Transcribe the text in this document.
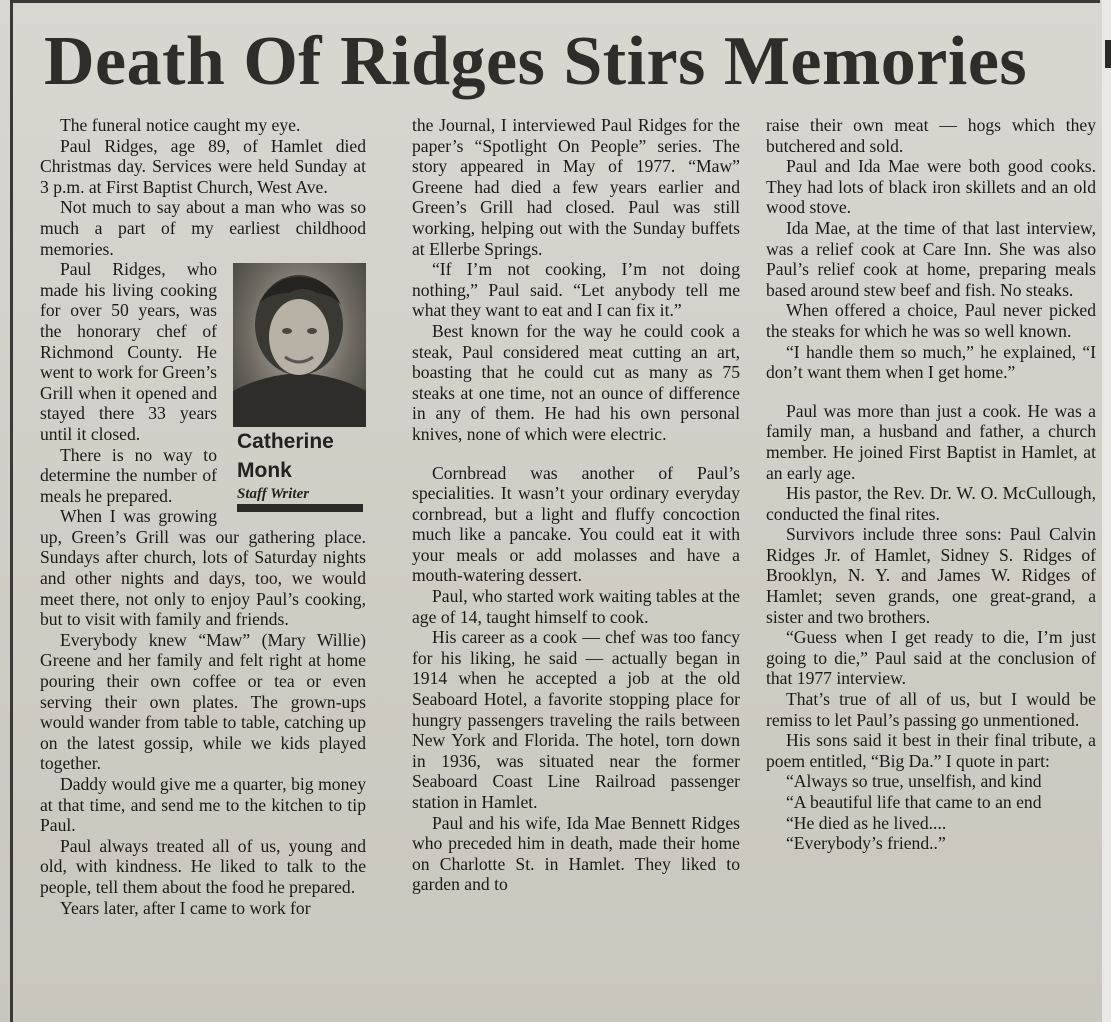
Death Of Ridges Stirs Memories

The funeral notice caught my eye.

Paul Ridges, age 89, of Hamlet died Christmas day. Services were held Sunday at 3 p.m. at First Baptist Church, West Ave.

Not much to say about a man who was so much a part of my earliest childhood memories.

Catherine
Monk
Staff Writer

Paul Ridges, who made his living cooking for over 50 years, was the honorary chef of Richmond County. He went to work for Green’s Grill when it opened and stayed there 33 years until it closed.

There is no way to determine the number of meals he prepared.

When I was growing up, Green’s Grill was our gathering place. Sundays after church, lots of Saturday nights and other nights and days, too, we would meet there, not only to enjoy Paul’s cooking, but to visit with family and friends.

Everybody knew “Maw” (Mary Willie) Greene and her family and felt right at home pouring their own coffee or tea or even serving their own plates. The grown-ups would wander from table to table, catching up on the latest gossip, while we kids played together.

Daddy would give me a quarter, big money at that time, and send me to the kitchen to tip Paul.

Paul always treated all of us, young and old, with kindness. He liked to talk to the people, tell them about the food he prepared.

Years later, after I came to work for

the Journal, I interviewed Paul Ridges for the paper’s “Spotlight On People” series. The story appeared in May of 1977. “Maw” Greene had died a few years earlier and Green’s Grill had closed. Paul was still working, helping out with the Sunday buffets at Ellerbe Springs.

“If I’m not cooking, I’m not doing nothing,” Paul said. “Let anybody tell me what they want to eat and I can fix it.”

Best known for the way he could cook a steak, Paul considered meat cutting an art, boasting that he could cut as many as 75 steaks at one time, not an ounce of difference in any of them. He had his own personal knives, none of which were electric.

Cornbread was another of Paul’s specialities. It wasn’t your ordinary everyday cornbread, but a light and fluffy concoction much like a pancake. You could eat it with your meals or add molasses and have a mouth-watering dessert.

Paul, who started work waiting tables at the age of 14, taught himself to cook.

His career as a cook — chef was too fancy for his liking, he said — actually began in 1914 when he accepted a job at the old Seaboard Hotel, a favorite stopping place for hungry passengers traveling the rails between New York and Florida. The hotel, torn down in 1936, was situated near the former Seaboard Coast Line Railroad passenger station in Hamlet.

Paul and his wife, Ida Mae Bennett Ridges who preceded him in death, made their home on Charlotte St. in Hamlet. They liked to garden and to

raise their own meat — hogs which they butchered and sold.

Paul and Ida Mae were both good cooks. They had lots of black iron skillets and an old wood stove.

Ida Mae, at the time of that last interview, was a relief cook at Care Inn. She was also Paul’s relief cook at home, preparing meals based around stew beef and fish. No steaks.

When offered a choice, Paul never picked the steaks for which he was so well known.

“I handle them so much,” he explained, “I don’t want them when I get home.”

Paul was more than just a cook. He was a family man, a husband and father, a church member. He joined First Baptist in Hamlet, at an early age.

His pastor, the Rev. Dr. W. O. McCullough, conducted the final rites.

Survivors include three sons: Paul Calvin Ridges Jr. of Hamlet, Sidney S. Ridges of Brooklyn, N. Y. and James W. Ridges of Hamlet; seven grands, one great-grand, a sister and two brothers.

“Guess when I get ready to die, I’m just going to die,” Paul said at the conclusion of that 1977 interview.

That’s true of all of us, but I would be remiss to let Paul’s passing go unmentioned.

His sons said it best in their final tribute, a poem entitled, “Big Da.” I quote in part:

“Always so true, unselfish, and kind

“A beautiful life that came to an end

“He died as he lived....

“Everybody’s friend..”
